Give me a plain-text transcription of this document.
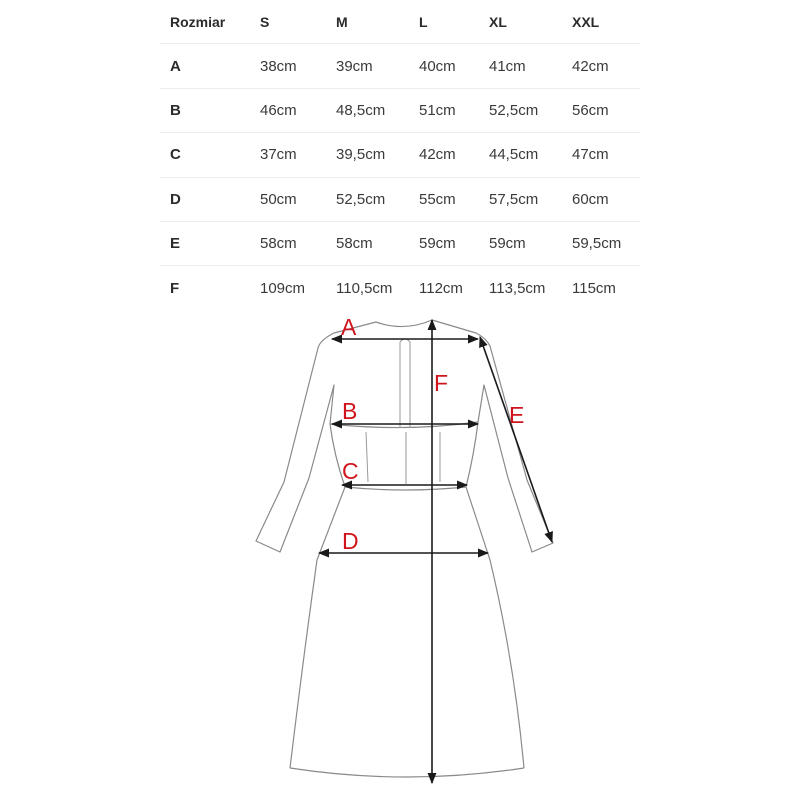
Rozmiar S	M	L	XL	XXL
A	38cm	39cm	40cm 41cm	42cm
B	46cm	48,5cm 51cm 52,5cm 56cm
C	37cm	39,5cm 42cm 44,5cm 47cm
D	50cm	52,5cm 55cm 57,5cm 60cm
E	58cm	58cm	59cm 59cm	59,5cm
F	109cm 110,5cm 112cm 113,5cm 115cm
A
B
C
D
E
F
